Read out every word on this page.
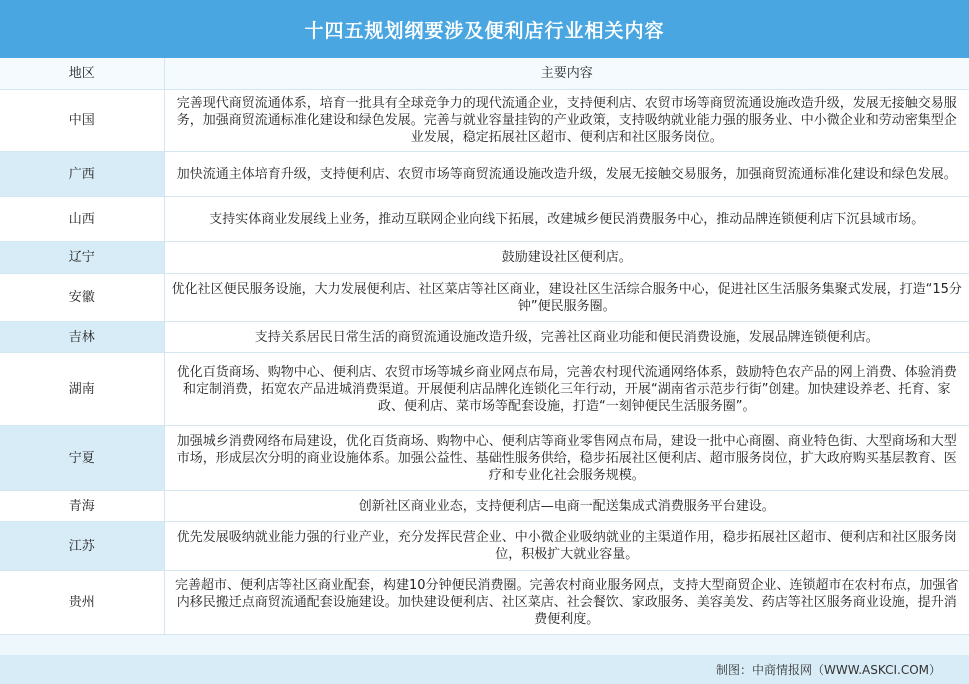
十四五规划纲要涉及便利店行业相关内容
地区	主要内容
中国	完善现代商贸流通体系，培育一批具有全球竞争力的现代流通企业，支持便利店、农贸市场等商贸流通设施改造升级，发展无接触交易服务，加强商贸流通标准化建设和绿色发展。完善与就业容量挂钩的产业政策，支持吸纳就业能力强的服务业、中小微企业和劳动密集型企业发展，稳定拓展社区超市、便利店和社区服务岗位。
广西	加快流通主体培育升级，支持便利店、农贸市场等商贸流通设施改造升级，发展无接触交易服务，加强商贸流通标准化建设和绿色发展。
山西	支持实体商业发展线上业务，推动互联网企业向线下拓展，改建城乡便民消费服务中心，推动品牌连锁便利店下沉县域市场。
辽宁	鼓励建设社区便利店。
安徽	优化社区便民服务设施，大力发展便利店、社区菜店等社区商业，建设社区生活综合服务中心，促进社区生活服务集聚式发展，打造“15分钟”便民服务圈。
吉林	支持关系居民日常生活的商贸流通设施改造升级，完善社区商业功能和便民消费设施，发展品牌连锁便利店。
湖南	优化百货商场、购物中心、便利店、农贸市场等城乡商业网点布局，完善农村现代流通网络体系，鼓励特色农产品的网上消费、体验消费和定制消费，拓宽农产品进城消费渠道。开展便利店品牌化连锁化三年行动，开展“湖南省示范步行街”创建。加快建设养老、托育、家政、便利店、菜市场等配套设施，打造“一刻钟便民生活服务圈”。
宁夏	加强城乡消费网络布局建设，优化百货商场、购物中心、便利店等商业零售网点布局，建设一批中心商圈、商业特色街、大型商场和大型市场，形成层次分明的商业设施体系。加强公益性、基础性服务供给，稳步拓展社区便利店、超市服务岗位，扩大政府购买基层教育、医疗和专业化社会服务规模。
青海	创新社区商业业态，支持便利店—电商一配送集成式消费服务平台建设。
江苏	优先发展吸纳就业能力强的行业产业，充分发挥民营企业、中小微企业吸纳就业的主渠道作用，稳步拓展社区超市、便利店和社区服务岗位，积极扩大就业容量。
贵州	完善超市、便利店等社区商业配套，构建10分钟便民消费圈。完善农村商业服务网点，支持大型商贸企业、连锁超市在农村布点，加强省内移民搬迁点商贸流通配套设施建设。加快建设便利店、社区菜店、社会餐饮、家政服务、美容美发、药店等社区服务商业设施，提升消费便利度。
制图：中商情报网（WWW.ASKCI.COM）
